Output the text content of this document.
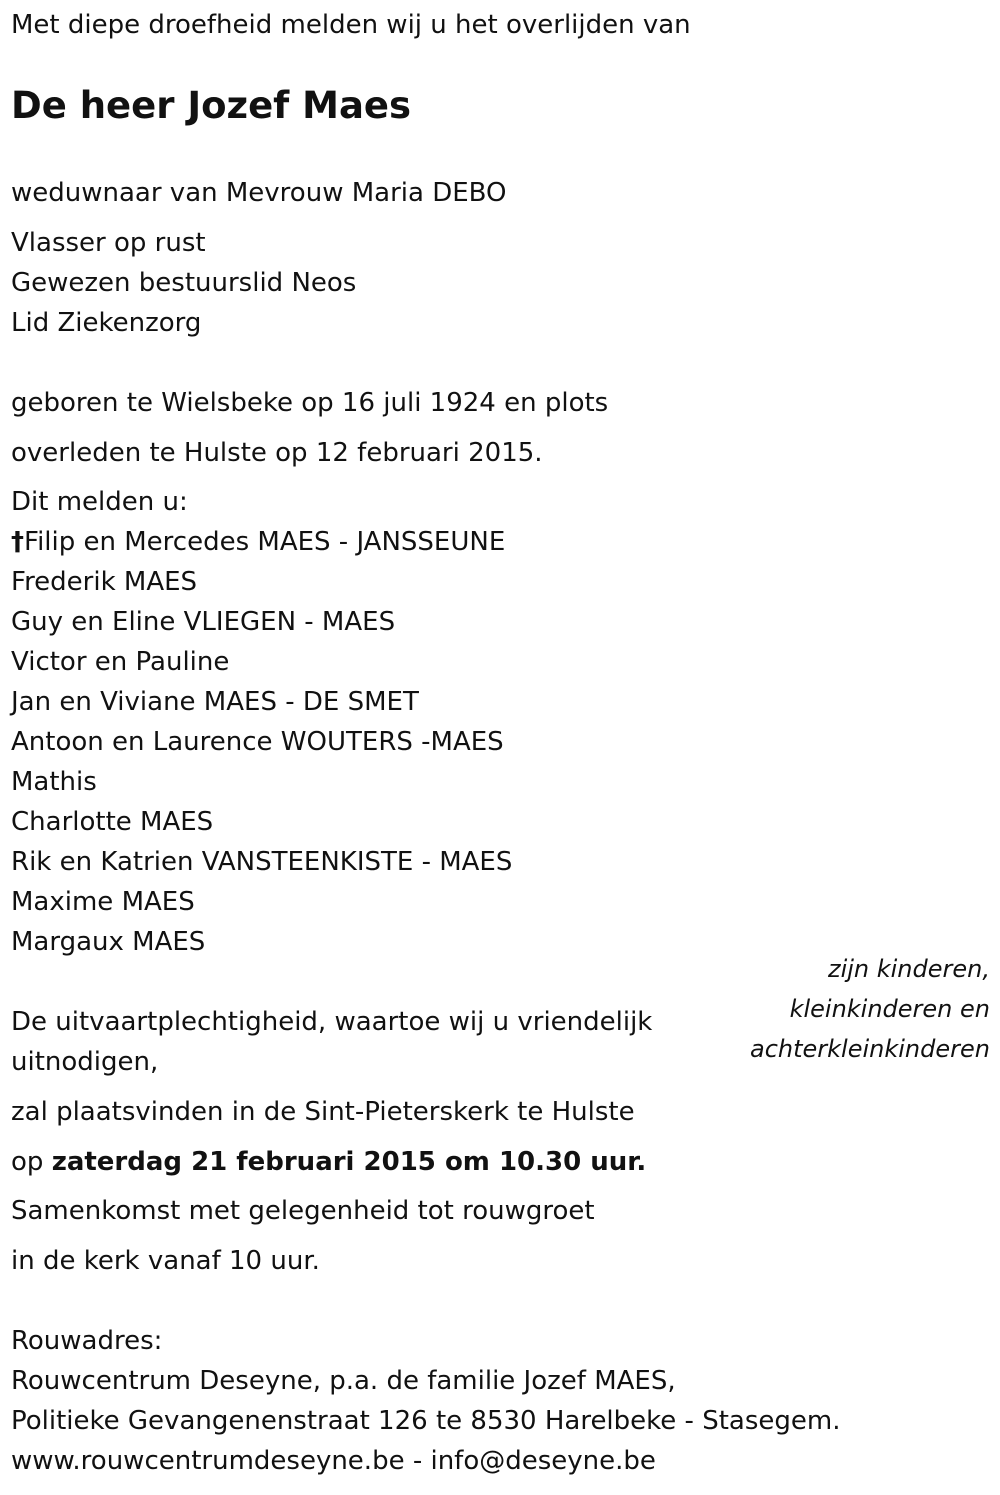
Met diepe droefheid melden wij u het overlijden van
De heer Jozef Maes
weduwnaar van Mevrouw Maria DEBO
Vlasser op rust
Gewezen bestuurslid Neos
Lid Ziekenzorg
geboren te Wielsbeke op 16 juli 1924 en plots
overleden te Hulste op 12 februari 2015.
Dit melden u:
†Filip en Mercedes MAES - JANSSEUNE
Frederik MAES
Guy en Eline VLIEGEN - MAES
Victor en Pauline
Jan en Viviane MAES - DE SMET
Antoon en Laurence WOUTERS -MAES
Mathis
Charlotte MAES
Rik en Katrien VANSTEENKISTE - MAES
Maxime MAES
Margaux MAES
zijn kinderen,
kleinkinderen en
achterkleinkinderen
De uitvaartplechtigheid, waartoe wij u vriendelijk
uitnodigen,
zal plaatsvinden in de Sint-Pieterskerk te Hulste
op zaterdag 21 februari 2015 om 10.30 uur.
Samenkomst met gelegenheid tot rouwgroet
in de kerk vanaf 10 uur.
Rouwadres:
Rouwcentrum Deseyne, p.a. de familie Jozef MAES,
Politieke Gevangenenstraat 126 te 8530 Harelbeke - Stasegem.
www.rouwcentrumdeseyne.be - info@deseyne.be
